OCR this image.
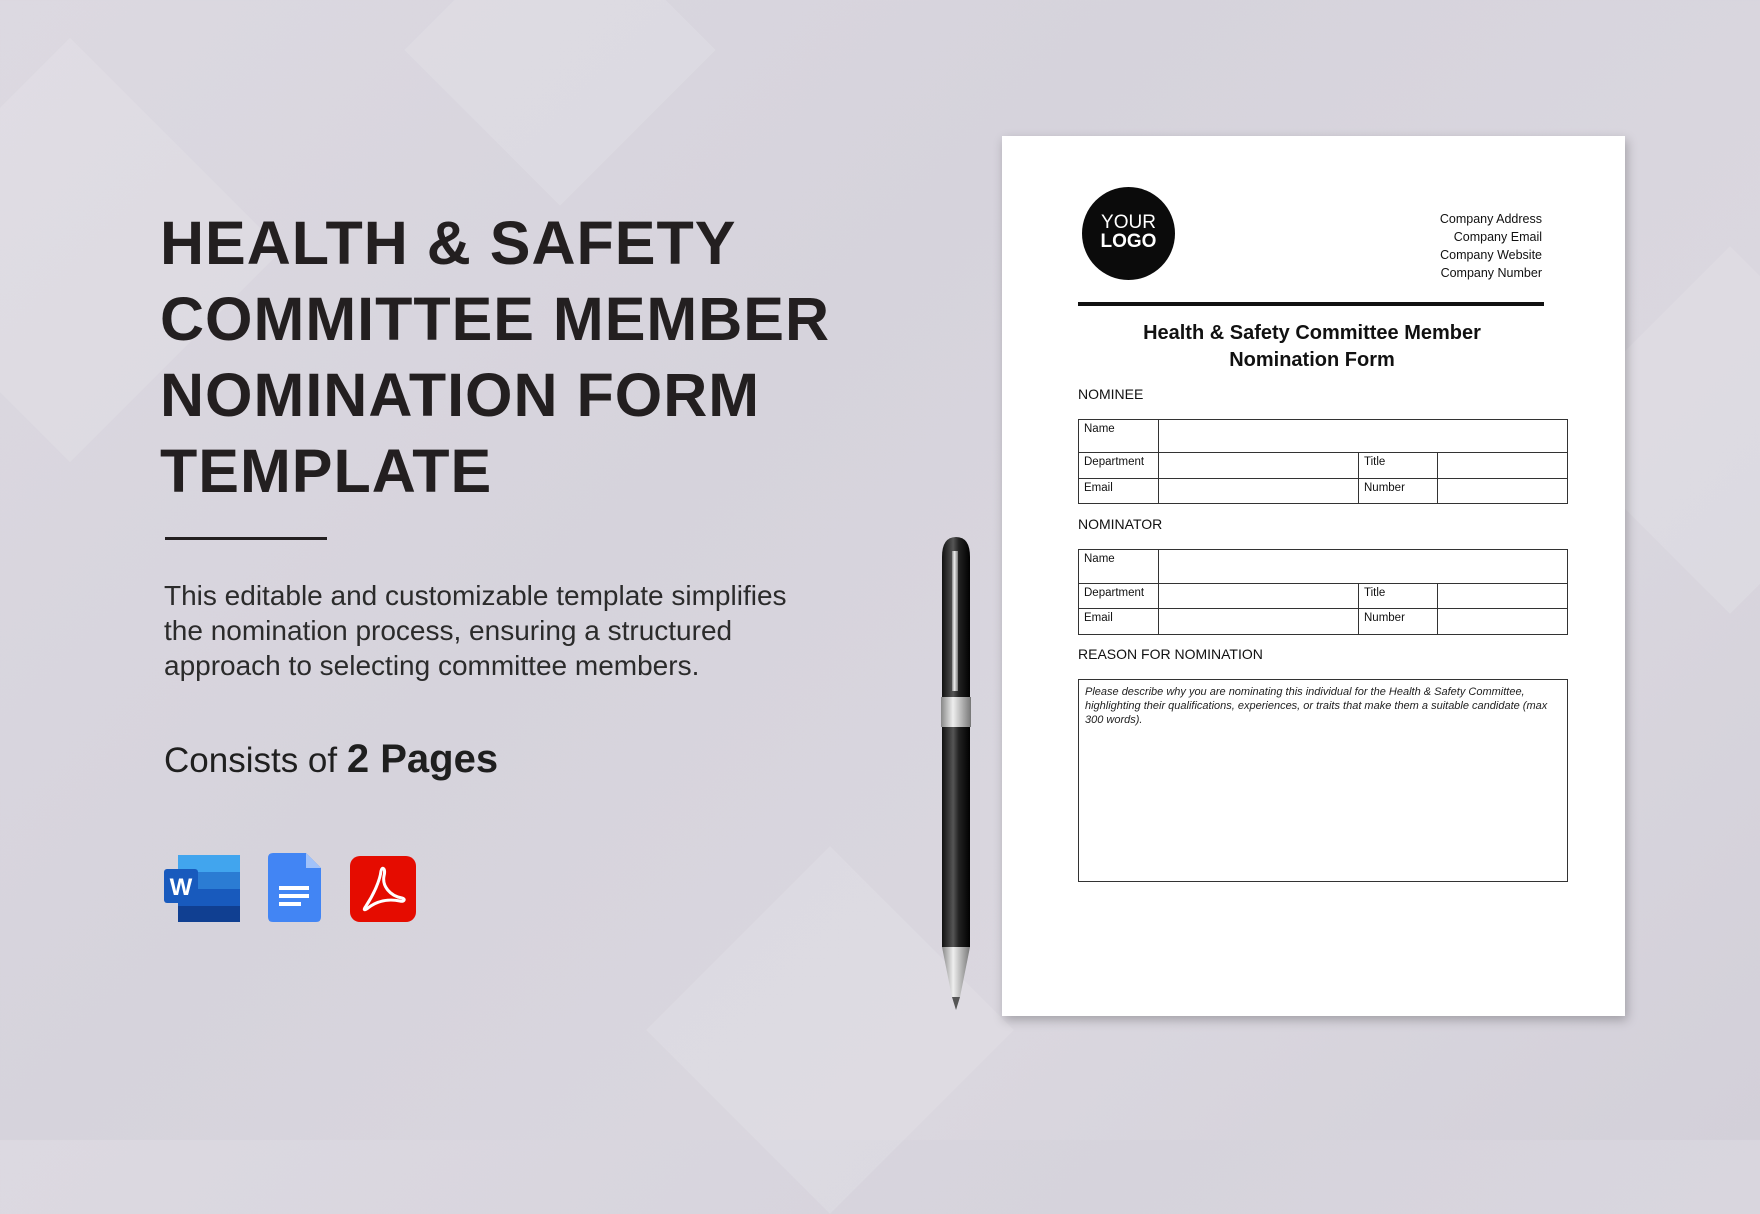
HEALTH & SAFETY
COMMITTEE MEMBER
NOMINATION FORM
TEMPLATE
This editable and customizable template simplifies the nomination process, ensuring a structured approach to selecting committee members.
Consists of 2 Pages
W
YOUR
LOGO
Company Address
Company Email
Company Website
Company Number
Health & Safety Committee Member
Nomination Form
NOMINEE
Name			
Department		Title	
Email		Number	
NOMINATOR
Name			
Department		Title	
Email		Number	
REASON FOR NOMINATION
Please describe why you are nominating this individual for the Health & Safety Committee, highlighting their qualifications, experiences, or traits that make them a suitable candidate (max 300 words).
